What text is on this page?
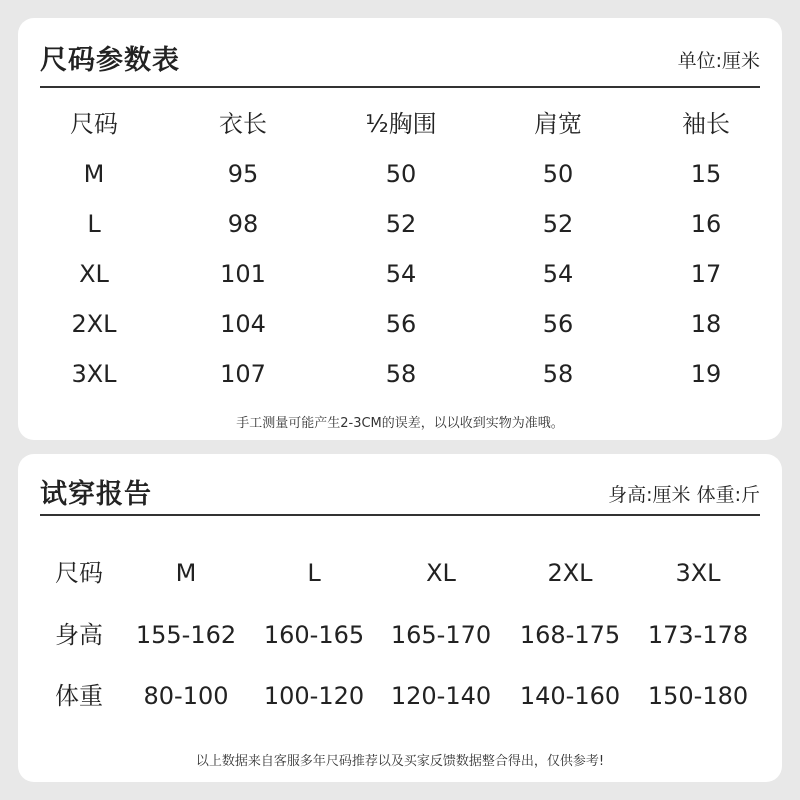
尺码参数表	单位:厘米
尺码	衣长	½胸围	肩宽	袖长
M	95	50	50	15
L	98	52	52	16
XL	101	54	54	17
2XL	104	56	56	18
3XL	107	58	58	19
手工测量可能产生2-3CM的误差，以以收到实物为准哦。
试穿报告	身高:厘米 体重:斤
尺码	M	L	XL	2XL	3XL
身高 155-162 160-165 165-170 168-175 173-178
体重 80-100 100-120 120-140 140-160 150-180
以上数据来自客服多年尺码推荐以及买家反馈数据整合得出，仅供参考!
